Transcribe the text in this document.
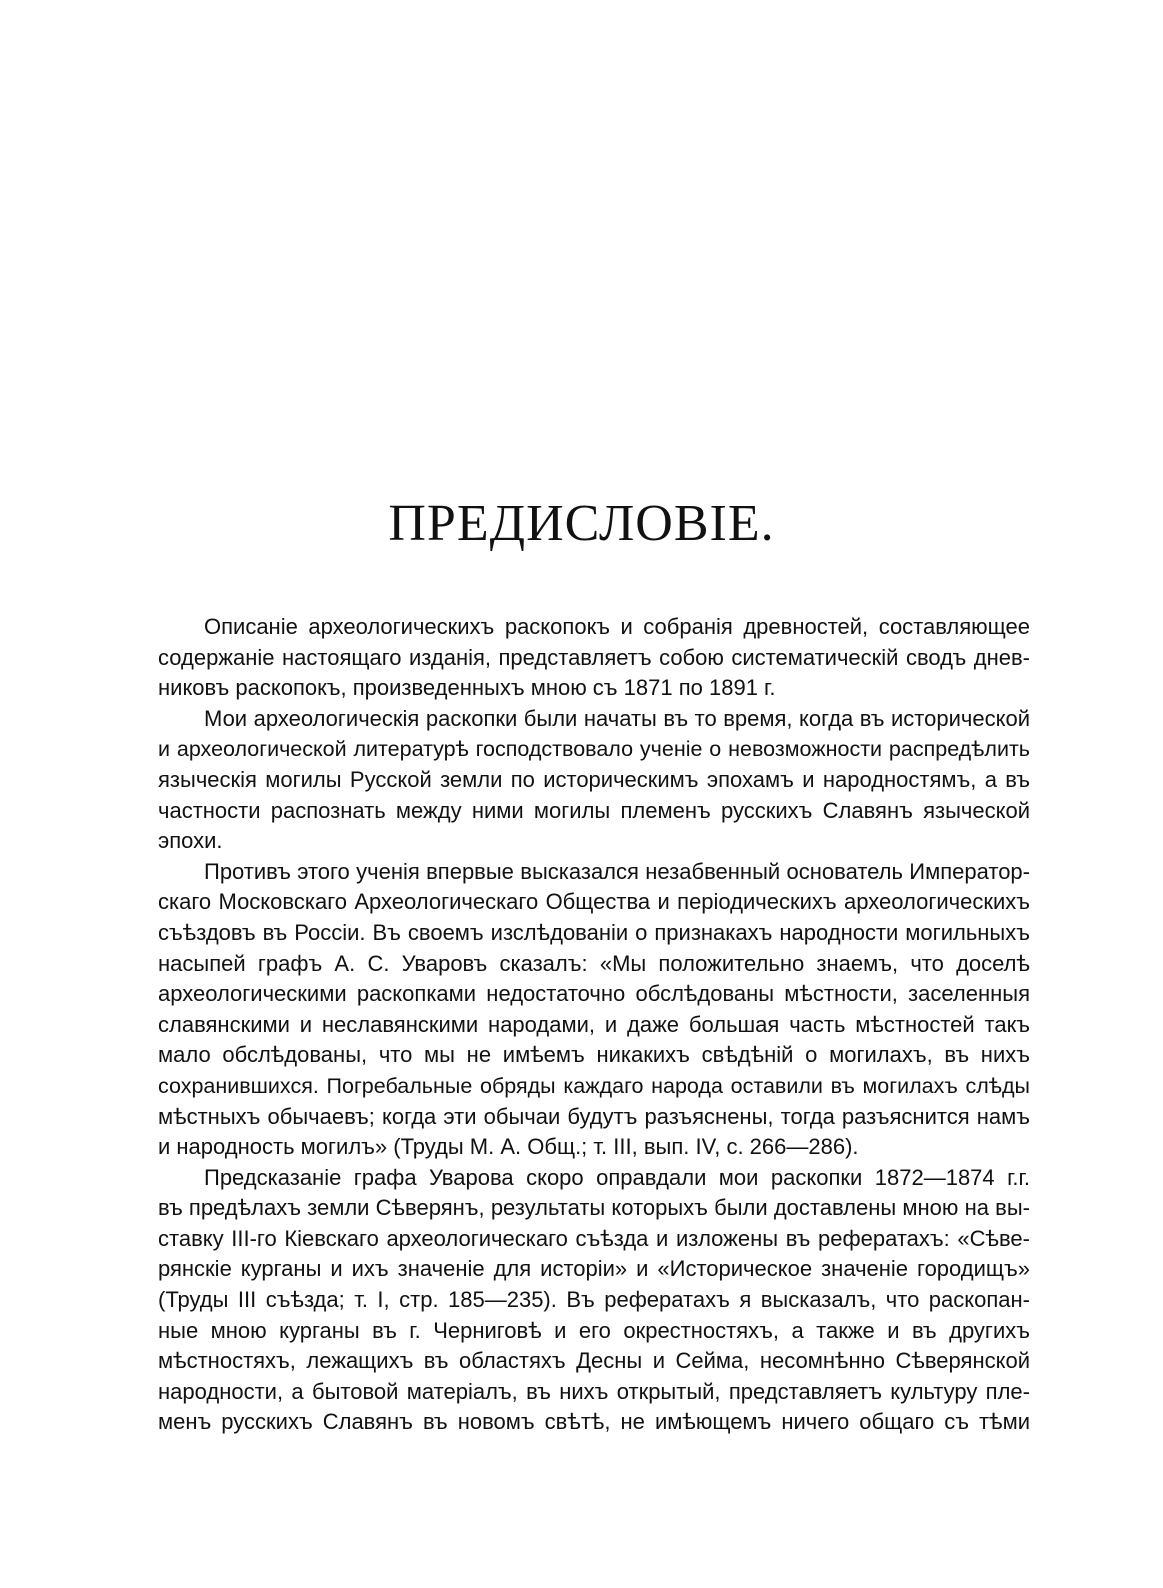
ПРЕДИСЛОВІЕ.
Описаніе археологическихъ раскопокъ и собранія древностей, составляющее
содержаніе настоящаго изданія, представляетъ собою систематическій сводъ днев-
никовъ раскопокъ, произведенныхъ мною съ 1871 по 1891 г.
Мои археологическія раскопки были начаты въ то время, когда въ исторической
и археологической литературѣ господствовало ученіе о невозможности распредѣлить
языческія могилы Русской земли по историческимъ эпохамъ и народностямъ, а въ
частности распознать между ними могилы племенъ русскихъ Славянъ языческой
эпохи.
Противъ этого ученія впервые высказался незабвенный основатель Император-
скаго Московскаго Археологическаго Общества и періодическихъ археологическихъ
съѣздовъ въ Россіи. Въ своемъ изслѣдованіи о признакахъ народности могильныхъ
насыпей графъ А. С. Уваровъ сказалъ: «Мы положительно знаемъ, что доселѣ
археологическими раскопками недостаточно обслѣдованы мѣстности, заселенныя
славянскими и неславянскими народами, и даже большая часть мѣстностей такъ
мало обслѣдованы, что мы не имѣемъ никакихъ свѣдѣній о могилахъ, въ нихъ
сохранившихся. Погребальные обряды каждаго народа оставили въ могилахъ слѣды
мѣстныхъ обычаевъ; когда эти обычаи будутъ разъяснены, тогда разъяснится намъ
и народность могилъ» (Труды М. А. Общ.; т. III, вып. IV, с. 266—286).
Предсказаніе графа Уварова скоро оправдали мои раскопки 1872—1874 г.г.
въ предѣлахъ земли Сѣверянъ, результаты которыхъ были доставлены мною на вы-
ставку III-го Кіевскаго археологическаго съѣзда и изложены въ рефератахъ: «Сѣве-
рянскіе курганы и ихъ значеніе для исторіи» и «Историческое значеніе городищъ»
(Труды III съѣзда; т. I, стр. 185—235). Въ рефератахъ я высказалъ, что раскопан-
ные мною курганы въ г. Черниговѣ и его окрестностяхъ, а также и въ другихъ
мѣстностяхъ, лежащихъ въ областяхъ Десны и Сейма, несомнѣнно Сѣверянской
народности, а бытовой матеріалъ, въ нихъ открытый, представляетъ культуру пле-
менъ русскихъ Славянъ въ новомъ свѣтѣ, не имѣющемъ ничего общаго съ тѣми
